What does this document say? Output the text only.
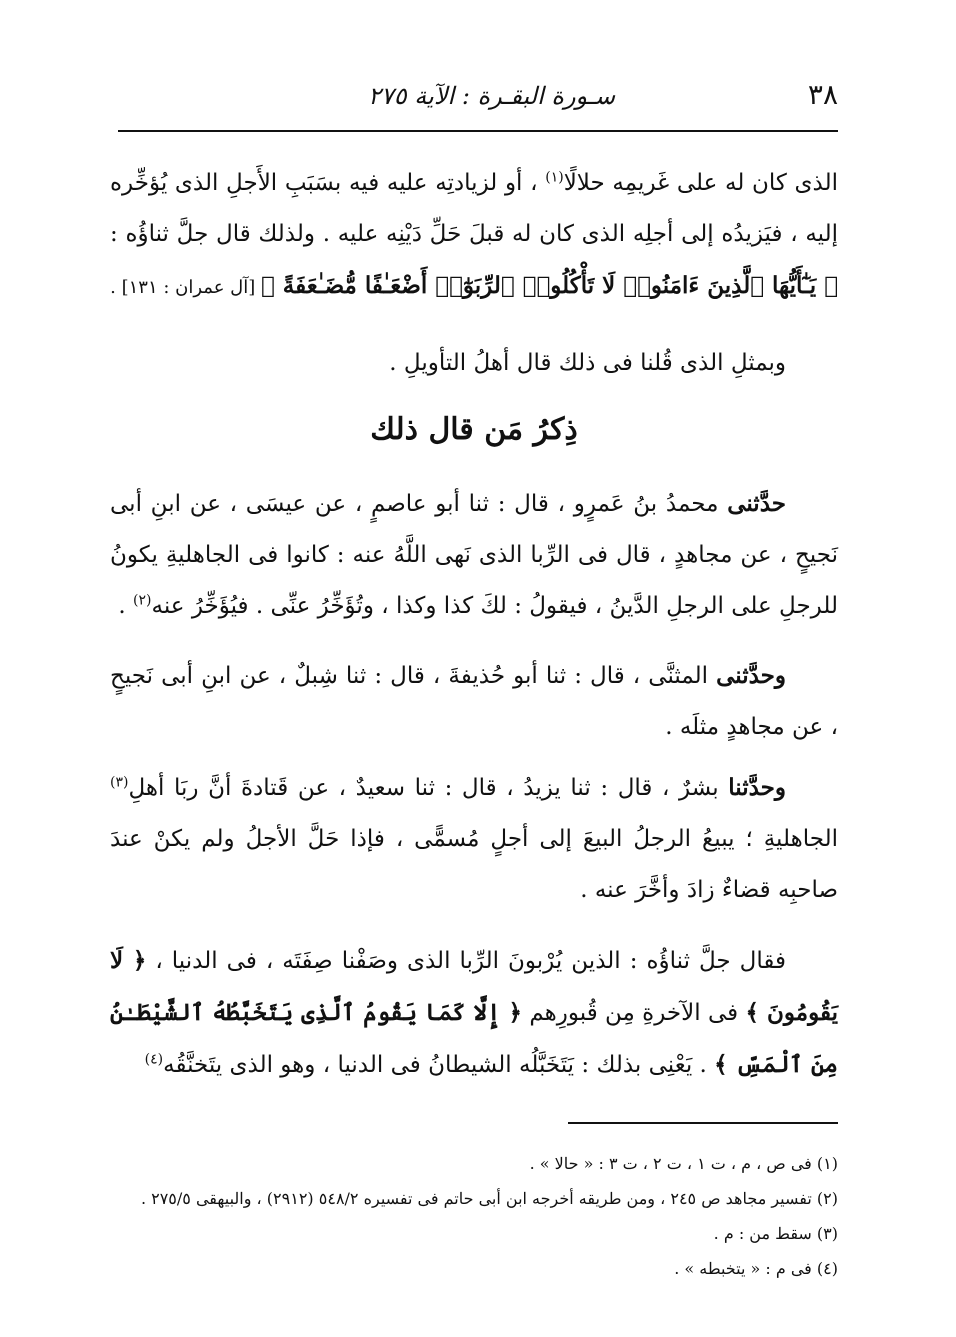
٣٨
سـورة البقـرة : الآية ٢٧٥

الذى كان له على غَريمِه حلالًا$^{(١)}$ ، أو لزيادتِه عليه فيه بسَبَبِ الأَجلِ الذى يُؤخِّره إليه ، فيَزيدُه إلى أجلِه الذى كان له قبلَ حَلِّ دَيْنِه عليه . ولذلك قال جلَّ ثناؤُه : ﴿ يَـٰٓأَيُّهَا ٱلَّذِينَ ءَامَنُوا۟ لَا تَأْكُلُوا۟ ٱلرِّبَوٰٓا۟ أَضْعَـٰفًا مُّضَـٰعَفَةً ﴾ [آل عمران : ١٣١] .

وبمثلِ الذى قُلنا فى ذلك قال أهلُ التأويلِ .

ذِكرُ مَن قال ذلك

حدَّثنى محمدُ بنُ عَمرٍو ، قال : ثنا أبو عاصمٍ ، عن عيسَى ، عن ابنِ أبى نَجيحٍ ، عن مجاهدٍ ، قال فى الرِّبا الذى نَهى اللَّهُ عنه : كانوا فى الجاهليةِ يكونُ للرجلِ على الرجلِ الدَّينُ ، فيقولُ : لكَ كذا وكذا ، وتُؤَخِّرُ عنِّى . فيُؤَخِّرُ عنه$^{(٢)}$ .

وحدَّثنى المثنَّى ، قال : ثنا أبو حُذيفةَ ، قال : ثنا شِبلٌ ، عن ابنِ أبى نَجيحٍ ، عن مجاهدٍ مثلَه .

وحدَّثنا بشرٌ ، قال : ثنا يزيدُ ، قال : ثنا سعيدٌ ، عن قَتادةَ أنَّ ربَا أهلِ$^{(٣)}$ الجاهليةِ ؛ يبيعُ الرجلُ البيعَ إلى أجلٍ مُسمًّى ، فإذا حَلَّ الأجلُ ولم يكنْ عندَ صاحبِه قضاءٌ زادَ وأخَّرَ عنه .

فقال جلَّ ثناؤُه : الذين يُرْبونَ الرِّبا الذى وصَفْنا صِفَتَه ، فى الدنيا ، ﴿ لَا يَقُومُونَ ﴾ فى الآخرةِ مِن قُبورِهم ﴿ إِلَّا كَمَا يَقُومُ ٱلَّذِى يَتَخَبَّطُهُ ٱلشَّيْطَـٰنُ مِنَ ٱلْمَسِّ ﴾ . يَعْنِى بذلك : يَتَخَبَّلُه الشيطانُ فى الدنيا ، وهو الذى يتَخنَّقُه$^{(٤)}$

(١) فى ص ، م ، ت ١ ، ت ٢ ، ت ٣ : « حالا » .
(٢) تفسير مجاهد ص ٢٤٥ ، ومن طريقه أخرجه ابن أبى حاتم فى تفسيره ٥٤٨/٢ (٢٩١٢) ، والبيهقى ٢٧٥/٥ .
(٣) سقط من : م .
(٤) فى م : « يتخبطه » .
